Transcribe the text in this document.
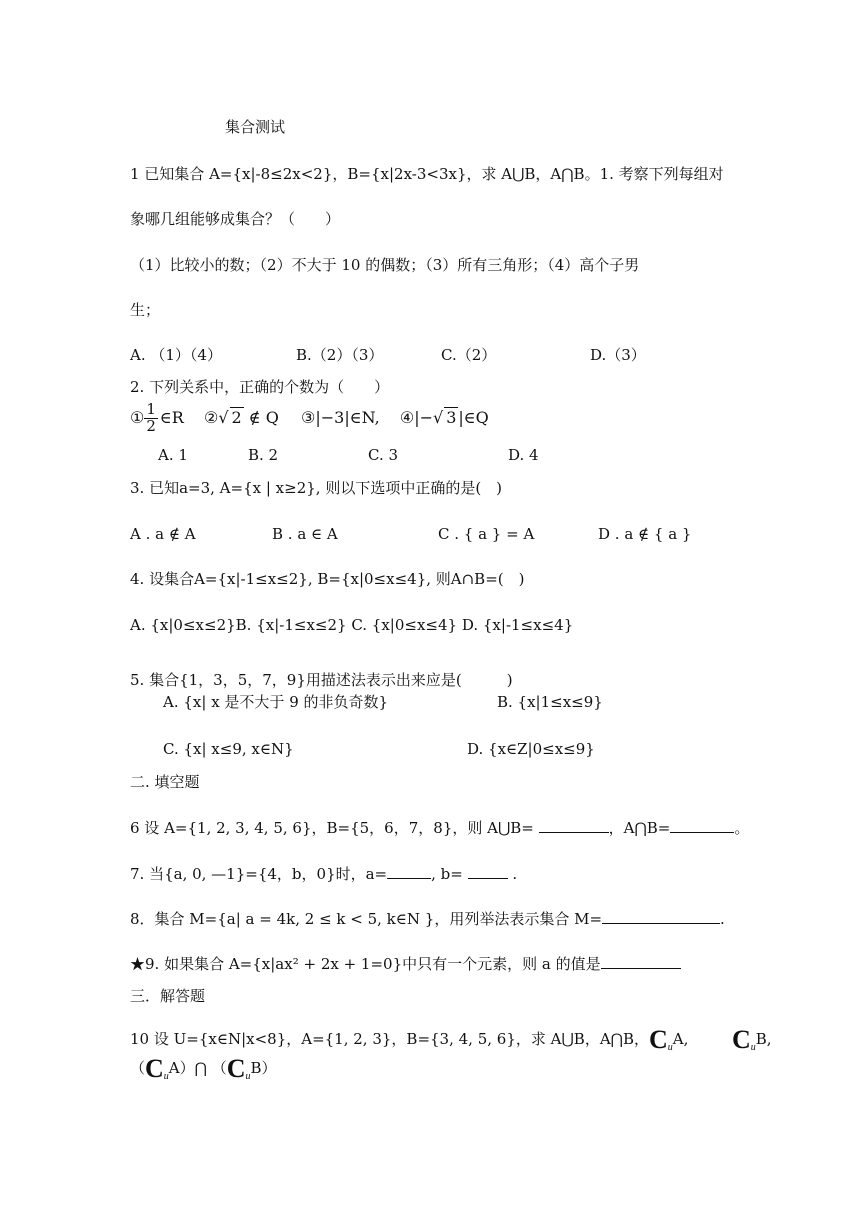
集合测试
1 已知集合 A={x|-8≤2x<2}，B={x|2x-3<3x}，求 A⋃B，A⋂B。1. 考察下列每组对
象哪几组能够成集合？（　　）
（1）比较小的数；（2）不大于 10 的偶数；（3）所有三角形；（4）高个子男
生；
A. （1）（4）	B.（2）（3）	C.（2）	D.（3）
2. 下列关系中，正确的个数为（　　）
① $\frac{1}{2}$ ∈R ②√ 2 ∉ Q ③|−3|∈N, ④|−√ 3 |∈Q
A. 1	B. 2	C. 3	D. 4
3. 已知a=3, A={x | x≥2}, 则以下选项中正确的是(　)
A . a ∉ A	B . a ∈ A	C . { a } = A	D . a ∉ { a }
4. 设集合A={x|-1≤x≤2}, B={x|0≤x≤4}, 则A∩B=(　)
A. {x|0≤x≤2}B. {x|-1≤x≤2} C. {x|0≤x≤4} D. {x|-1≤x≤4}
5. 集合{1，3，5，7，9}用描述法表示出来应是(　　　)
A. {x| x 是不大于 9 的非负奇数}	B. {x|1≤x≤9}
C. {x| x≤9, x∈N}	D. {x∈Z|0≤x≤9}
二. 填空题
6 设 A={1, 2, 3, 4, 5, 6}，B={5，6，7，8}，则 A⋃B=	，A⋂B=	。
7. 当{a, 0, —1}={4，b，0}时，a=	, b=	.
8．集合 M={a| a = 4k, 2 ≤ k < 5, k∈N }，用列举法表示集合 M=	.
★9. 如果集合 A={x|ax² + 2x + 1=0}中只有一个元素，则 a 的值是
三．解答题
10 设 U={x∈N|x<8}，A={1, 2, 3}，B={3, 4, 5, 6}，求 A⋃B，A⋂B，$C_uA$, $C_uB$,
$(C_uA)⋂$ $(C_uB)$
